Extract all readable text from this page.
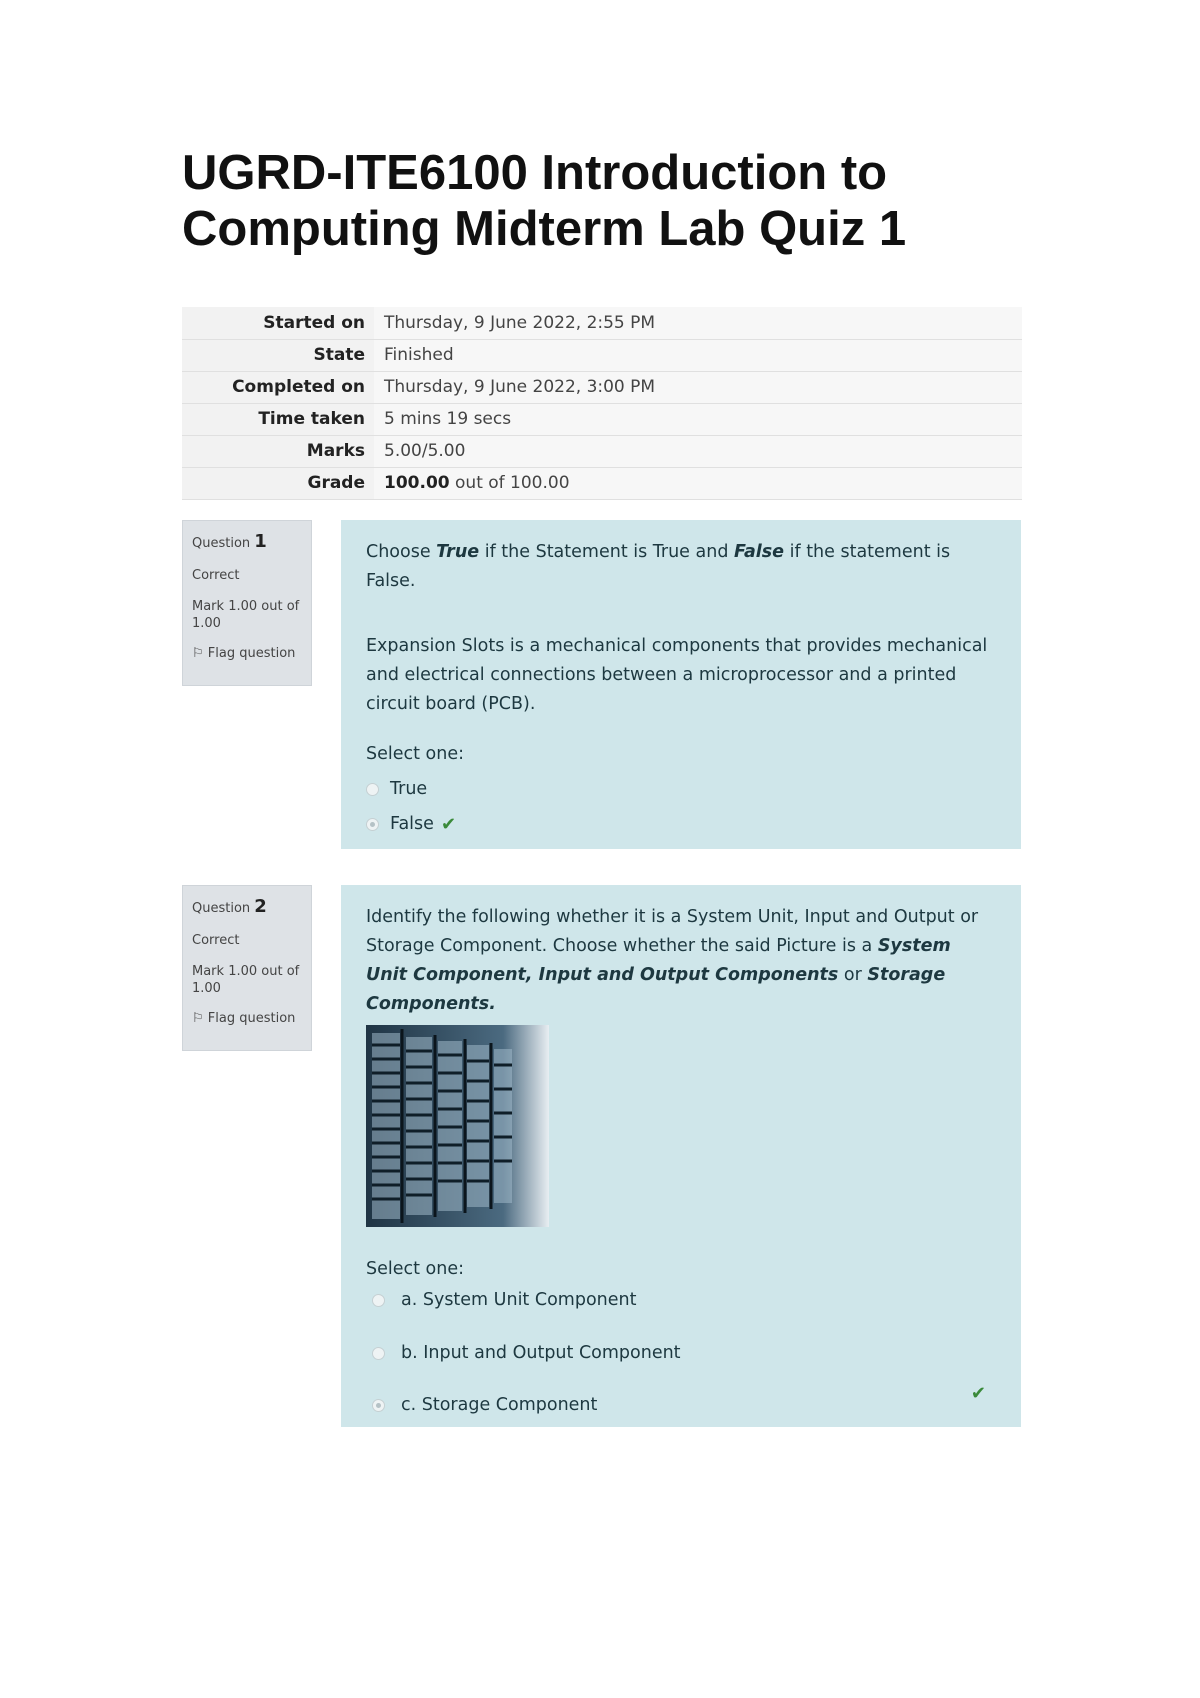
UGRD-ITE6100 Introduction to Computing Midterm Lab Quiz 1
Started on	Thursday, 9 June 2022, 2:55 PM
State	Finished
Completed on	Thursday, 9 June 2022, 3:00 PM
Time taken	5 mins 19 secs
Marks	5.00/5.00
Grade	100.00 out of 100.00
Question 1
Correct
Mark 1.00 out of 1.00
⚐ Flag question

Choose True if the Statement is True and False if the statement is False.

Expansion Slots is a mechanical components that provides mechanical and electrical connections between a microprocessor and a printed circuit board (PCB).

Select one:

True
False ✔
Question 2
Correct
Mark 1.00 out of 1.00
⚐ Flag question

Identify the following whether it is a System Unit, Input and Output or Storage Component. Choose whether the said Picture is a System Unit Component, Input and Output Components or Storage Components.

Select one:

a. System Unit Component
b. Input and Output Component
c. Storage Component
✔
